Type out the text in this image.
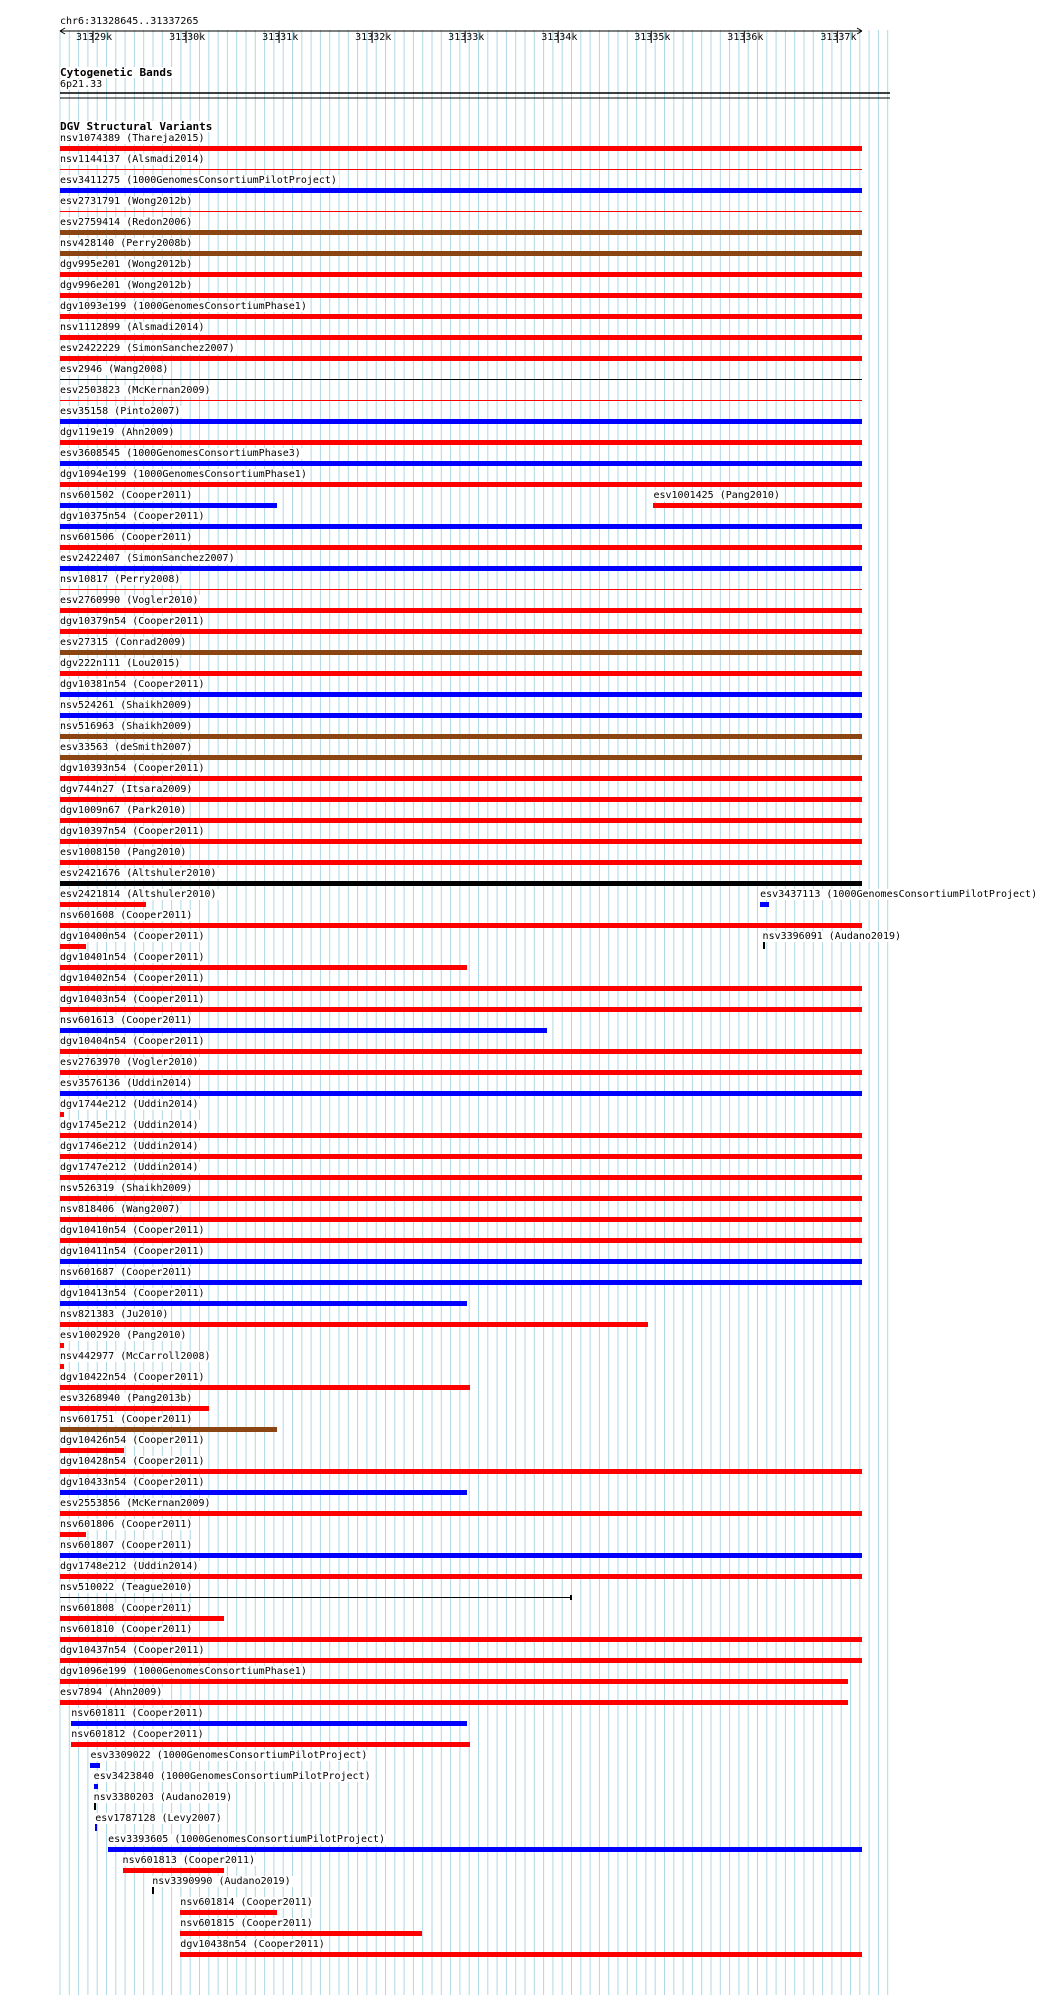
chr6:31328645..31337265
31329k	31330k	31331k	31332k	31333k	31334k	31335k	31336k	31337k
Cytogenetic Bands
6p21.33
DGV Structural Variants
nsv1074389 (Thareja2015)
nsv1144137 (Alsmadi2014)
esv3411275 (1000GenomesConsortiumPilotProject)
esv2731791 (Wong2012b)
esv2759414 (Redon2006)
nsv428140 (Perry2008b)
dgv995e201 (Wong2012b)
dgv996e201 (Wong2012b)
dgv1093e199 (1000GenomesConsortiumPhase1)
nsv1112899 (Alsmadi2014)
esv2422229 (SimonSanchez2007)
esv2946 (Wang2008)
esv2503823 (McKernan2009)
esv35158 (Pinto2007)
dgv119e19 (Ahn2009)
esv3608545 (1000GenomesConsortiumPhase3)
dgv1094e199 (1000GenomesConsortiumPhase1)
nsv601502 (Cooper2011)	esv1001425 (Pang2010)
dgv10375n54 (Cooper2011)
nsv601506 (Cooper2011)
esv2422407 (SimonSanchez2007)
nsv10817 (Perry2008)
esv2760990 (Vogler2010)
dgv10379n54 (Cooper2011)
esv27315 (Conrad2009)
dgv222n111 (Lou2015)
dgv10381n54 (Cooper2011)
nsv524261 (Shaikh2009)
nsv516963 (Shaikh2009)
esv33563 (deSmith2007)
dgv10393n54 (Cooper2011)
dgv744n27 (Itsara2009)
dgv1009n67 (Park2010)
dgv10397n54 (Cooper2011)
esv1008150 (Pang2010)
esv2421676 (Altshuler2010)
esv2421814 (Altshuler2010)	esv3437113 (1000GenomesConsortiumPilotProject)
nsv601608 (Cooper2011)
dgv10400n54 (Cooper2011)	nsv3396091 (Audano2019)
dgv10401n54 (Cooper2011)
dgv10402n54 (Cooper2011)
dgv10403n54 (Cooper2011)
nsv601613 (Cooper2011)
dgv10404n54 (Cooper2011)
esv2763970 (Vogler2010)
esv3576136 (Uddin2014)
dgv1744e212 (Uddin2014)
dgv1745e212 (Uddin2014)
dgv1746e212 (Uddin2014)
dgv1747e212 (Uddin2014)
nsv526319 (Shaikh2009)
nsv818406 (Wang2007)
dgv10410n54 (Cooper2011)
dgv10411n54 (Cooper2011)
nsv601687 (Cooper2011)
dgv10413n54 (Cooper2011)
nsv821383 (Ju2010)
esv1002920 (Pang2010)
nsv442977 (McCarroll2008)
dgv10422n54 (Cooper2011)
esv3268940 (Pang2013b)
nsv601751 (Cooper2011)
dgv10426n54 (Cooper2011)
dgv10428n54 (Cooper2011)
dgv10433n54 (Cooper2011)
esv2553856 (McKernan2009)
nsv601806 (Cooper2011)
nsv601807 (Cooper2011)
dgv1748e212 (Uddin2014)
nsv510022 (Teague2010)
nsv601808 (Cooper2011)
nsv601810 (Cooper2011)
dgv10437n54 (Cooper2011)
dgv1096e199 (1000GenomesConsortiumPhase1)
esv7894 (Ahn2009)
nsv601811 (Cooper2011)
nsv601812 (Cooper2011)
esv3309022 (1000GenomesConsortiumPilotProject)
esv3423840 (1000GenomesConsortiumPilotProject)
nsv3380203 (Audano2019)
esv1787128 (Levy2007)
esv3393605 (1000GenomesConsortiumPilotProject)
nsv601813 (Cooper2011)
nsv3390990 (Audano2019)
nsv601814 (Cooper2011)
nsv601815 (Cooper2011)
dgv10438n54 (Cooper2011)
